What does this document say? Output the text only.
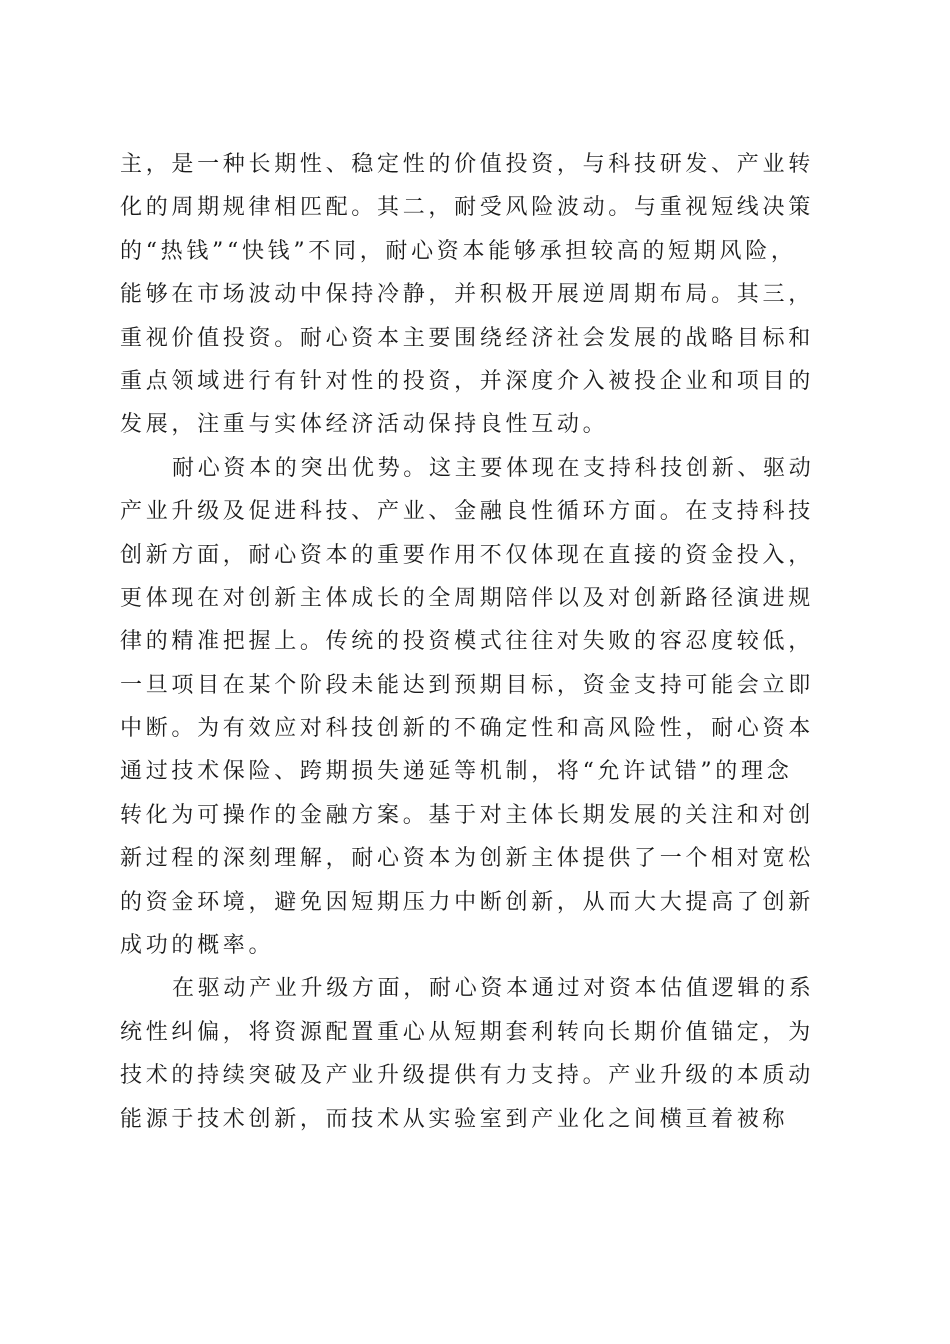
主，是一种长期性、稳定性的价值投资，与科技研发、产业转
化的周期规律相匹配。其二，耐受风险波动。与重视短线决策
的“热钱”“快钱”不同，耐心资本能够承担较高的短期风险，
能够在市场波动中保持冷静，并积极开展逆周期布局。其三，
重视价值投资。耐心资本主要围绕经济社会发展的战略目标和
重点领域进行有针对性的投资，并深度介入被投企业和项目的
发展，注重与实体经济活动保持良性互动。
耐心资本的突出优势。这主要体现在支持科技创新、驱动
产业升级及促进科技、产业、金融良性循环方面。在支持科技
创新方面，耐心资本的重要作用不仅体现在直接的资金投入，
更体现在对创新主体成长的全周期陪伴以及对创新路径演进规
律的精准把握上。传统的投资模式往往对失败的容忍度较低，
一旦项目在某个阶段未能达到预期目标，资金支持可能会立即
中断。为有效应对科技创新的不确定性和高风险性，耐心资本
通过技术保险、跨期损失递延等机制，将“允许试错”的理念
转化为可操作的金融方案。基于对主体长期发展的关注和对创
新过程的深刻理解，耐心资本为创新主体提供了一个相对宽松
的资金环境，避免因短期压力中断创新，从而大大提高了创新
成功的概率。
在驱动产业升级方面，耐心资本通过对资本估值逻辑的系
统性纠偏，将资源配置重心从短期套利转向长期价值锚定，为
技术的持续突破及产业升级提供有力支持。产业升级的本质动
能源于技术创新，而技术从实验室到产业化之间横亘着被称
